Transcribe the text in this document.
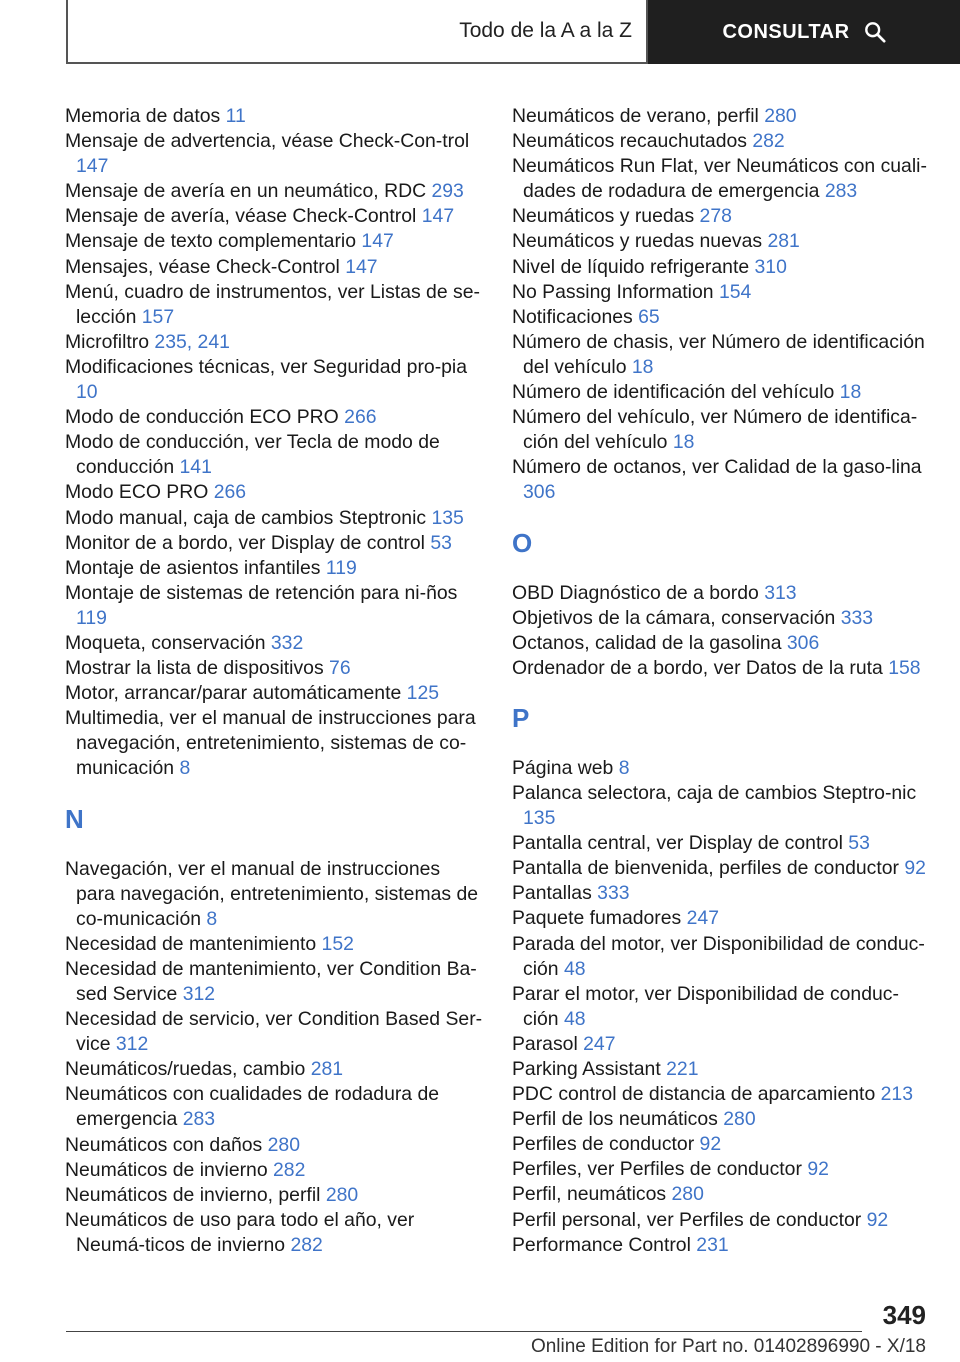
Todo de la A a la Z	CONSULTAR
Memoria de datos 11
Mensaje de advertencia, véase Check-Con‐trol 147
Mensaje de avería en un neumático, RDC 293
Mensaje de avería, véase Check-Control 147
Mensaje de texto complementario 147
Mensajes, véase Check-Control 147
Menú, cuadro de instrumentos, ver Listas de se‐lección 157
Microfiltro 235, 241
Modificaciones técnicas, ver Seguridad pro‐pia 10
Modo de conducción ECO PRO 266
Modo de conducción, ver Tecla de modo de conducción 141
Modo ECO PRO 266
Modo manual, caja de cambios Steptronic 135
Monitor de a bordo, ver Display de control 53
Montaje de asientos infantiles 119
Montaje de sistemas de retención para ni‐ños 119
Moqueta, conservación 332
Mostrar la lista de dispositivos 76
Motor, arrancar/parar automáticamente 125
Multimedia, ver el manual de instrucciones para navegación, entretenimiento, sistemas de co‐municación 8
N
Navegación, ver el manual de instrucciones para navegación, entretenimiento, sistemas de co‐municación 8
Necesidad de mantenimiento 152
Necesidad de mantenimiento, ver Condition Ba‐sed Service 312
Necesidad de servicio, ver Condition Based Ser‐vice 312
Neumáticos/ruedas, cambio 281
Neumáticos con cualidades de rodadura de emergencia 283
Neumáticos con daños 280
Neumáticos de invierno 282
Neumáticos de invierno, perfil 280
Neumáticos de uso para todo el año, ver Neumá‐ticos de invierno 282
Neumáticos de verano, perfil 280
Neumáticos recauchutados 282
Neumáticos Run Flat, ver Neumáticos con cuali‐dades de rodadura de emergencia 283
Neumáticos y ruedas 278
Neumáticos y ruedas nuevas 281
Nivel de líquido refrigerante 310
No Passing Information 154
Notificaciones 65
Número de chasis, ver Número de identificación del vehículo 18
Número de identificación del vehículo 18
Número del vehículo, ver Número de identifica‐ción del vehículo 18
Número de octanos, ver Calidad de la gaso‐lina 306
O
OBD Diagnóstico de a bordo 313
Objetivos de la cámara, conservación 333
Octanos, calidad de la gasolina 306
Ordenador de a bordo, ver Datos de la ruta 158
P
Página web 8
Palanca selectora, caja de cambios Steptro‐nic 135
Pantalla central, ver Display de control 53
Pantalla de bienvenida, perfiles de conductor 92
Pantallas 333
Paquete fumadores 247
Parada del motor, ver Disponibilidad de conduc‐ción 48
Parar el motor, ver Disponibilidad de conduc‐ción 48
Parasol 247
Parking Assistant 221
PDC control de distancia de aparcamiento 213
Perfil de los neumáticos 280
Perfiles de conductor 92
Perfiles, ver Perfiles de conductor 92
Perfil, neumáticos 280
Perfil personal, ver Perfiles de conductor 92
Performance Control 231
349
Online Edition for Part no. 01402896990 - X/18
